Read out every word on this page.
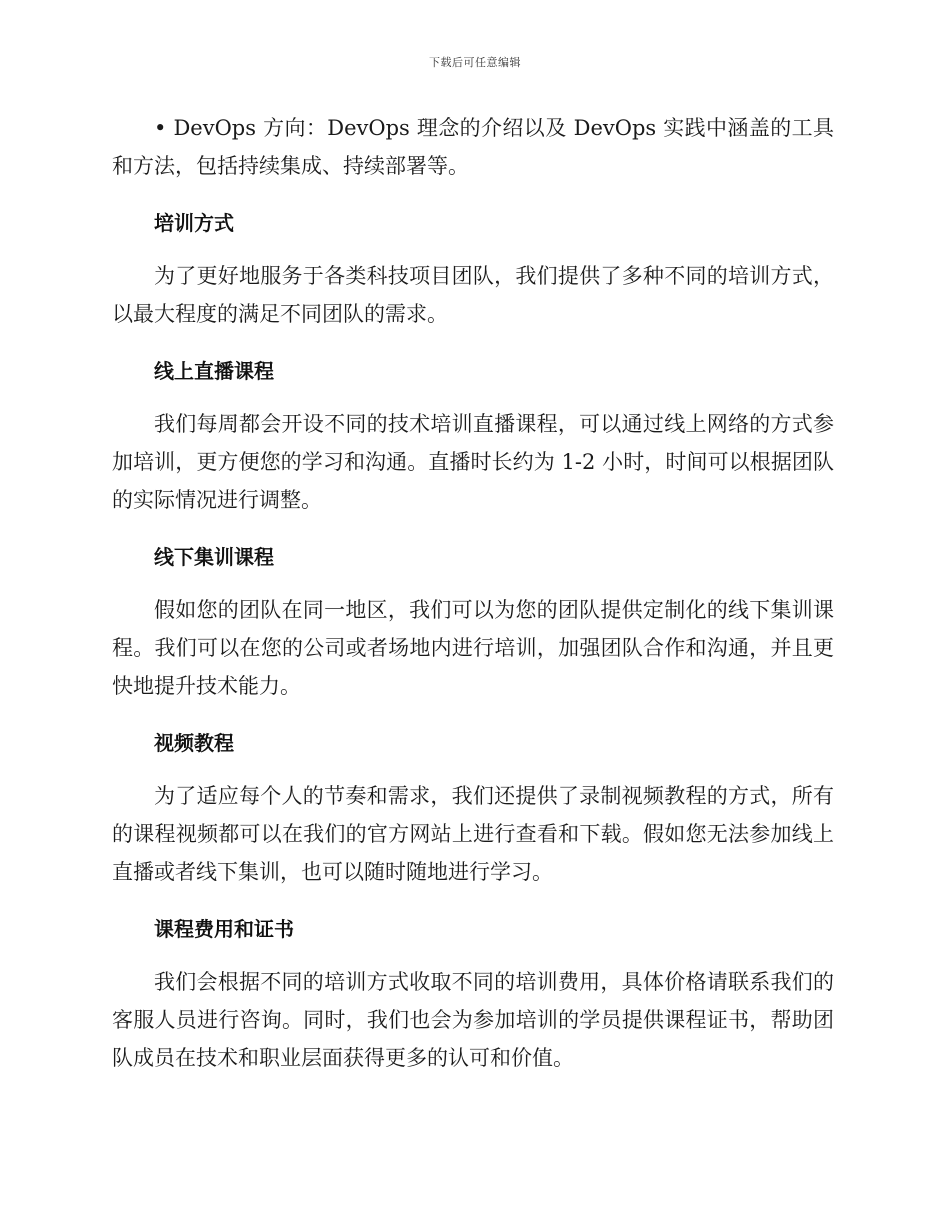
下载后可任意编辑

• DevOps 方向：DevOps 理念的介绍以及 DevOps 实践中涵盖的工具和方法，包括持续集成、持续部署等。

培训方式

为了更好地服务于各类科技项目团队，我们提供了多种不同的培训方式，以最大程度的满足不同团队的需求。

线上直播课程

我们每周都会开设不同的技术培训直播课程，可以通过线上网络的方式参加培训，更方便您的学习和沟通。直播时长约为 1-2 小时，时间可以根据团队的实际情况进行调整。

线下集训课程

假如您的团队在同一地区，我们可以为您的团队提供定制化的线下集训课程。我们可以在您的公司或者场地内进行培训，加强团队合作和沟通，并且更快地提升技术能力。

视频教程

为了适应每个人的节奏和需求，我们还提供了录制视频教程的方式，所有的课程视频都可以在我们的官方网站上进行查看和下载。假如您无法参加线上直播或者线下集训，也可以随时随地进行学习。

课程费用和证书

我们会根据不同的培训方式收取不同的培训费用，具体价格请联系我们的客服人员进行咨询。同时，我们也会为参加培训的学员提供课程证书，帮助团队成员在技术和职业层面获得更多的认可和价值。
